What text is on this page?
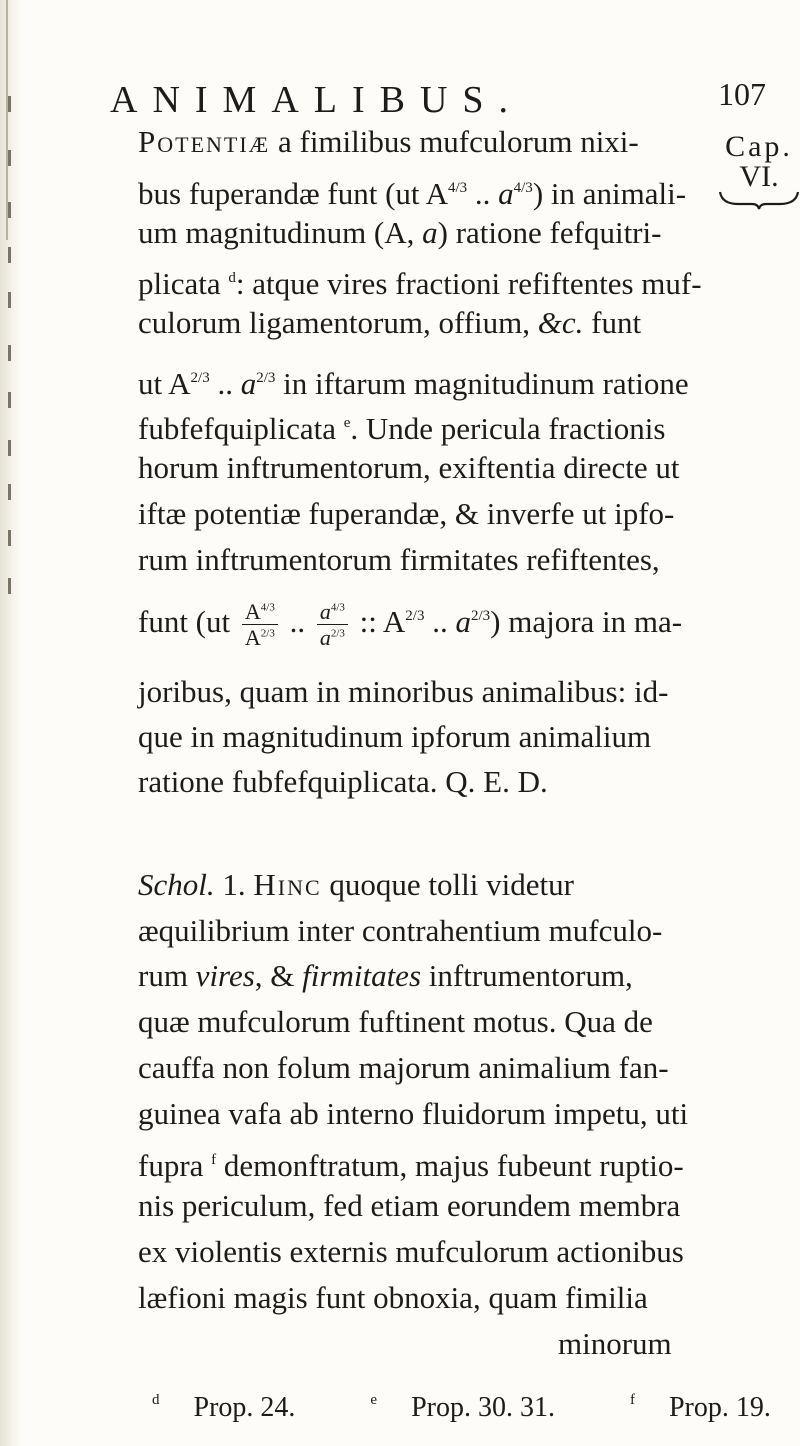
ANIMALIBUS.	107
Cap.
VI.
Potentiæ a fimilibus mufculorum nixi-
bus fuperandæ funt (ut $A^{4/3}$ .. $a^{4/3}$) in animali-
um magnitudinum (A, a) ratione fefquitri-
plicata $^d$: atque vires fractioni refiftentes muf-
culorum ligamentorum, offium, &c. funt
ut $A^{2/3}$ .. $a^{2/3}$ in iftarum magnitudinum ratione
fubfefquiplicata $^e$. Unde pericula fractionis
horum inftrumentorum, exiftentia directe ut
iftæ potentiæ fuperandæ, & inverfe ut ipfo-
rum inftrumentorum firmitates refiftentes,
funt ($ut \frac{A^{4/3}}{A^{2/3}}$ .. $\frac{a^{4/3}}{a^{2/3}}$ :: $A^{2/3}$ .. $a^{2/3}$) majora in ma-
joribus, quam in minoribus animalibus: id-
que in magnitudinum ipforum animalium
ratione fubfefquiplicata. Q. E. D.
Schol. 1. Hinc quoque tolli videtur
æquilibrium inter contrahentium mufculo-
rum vires, & firmitates inftrumentorum,
quæ mufculorum fuftinent motus. Qua de
cauffa non folum majorum animalium fan-
guinea vafa ab interno fluidorum impetu, uti
fupra $^f$ demonftratum, majus fubeunt ruptio-
nis periculum, fed etiam eorundem membra
ex violentis externis mufculorum actionibus
læfioni magis funt obnoxia, quam fimilia
minorum
$^d$ Prop. 24.	$^e$ Prop. 30. 31.	$^f$ Prop. 19.
